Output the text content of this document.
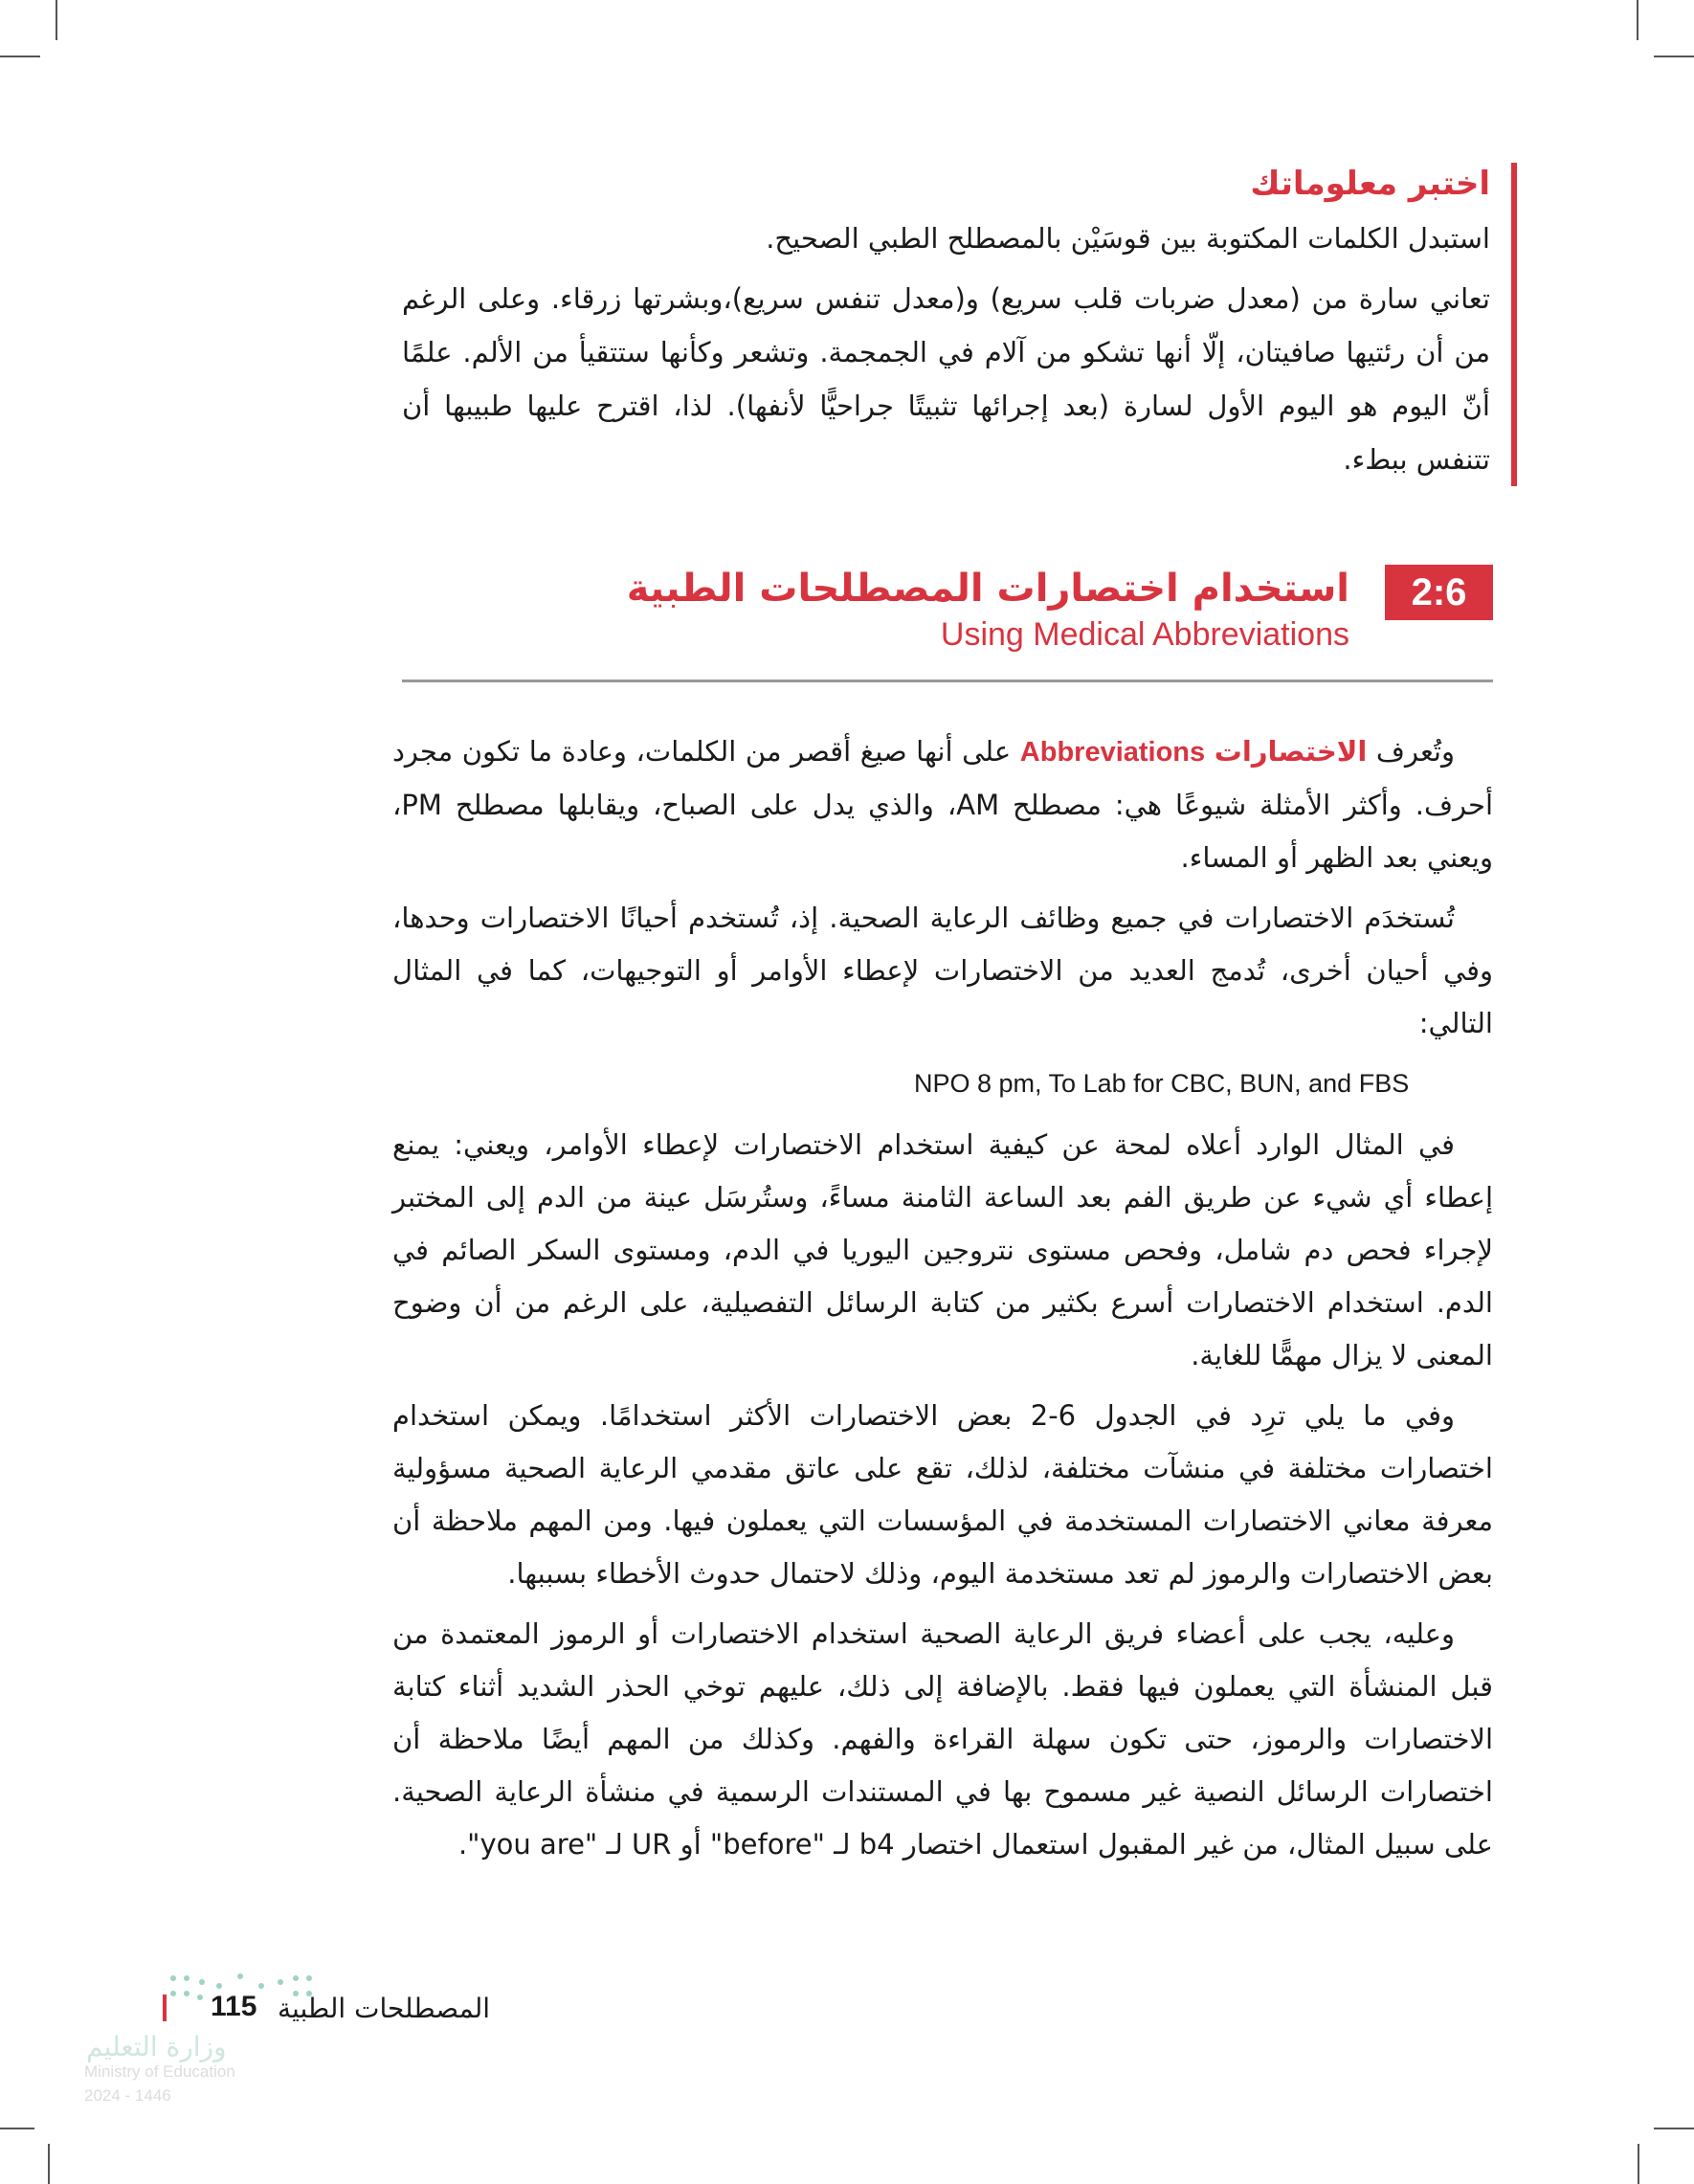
اختبر معلوماتك

استبدل الكلمات المكتوبة بين قوسَيْن بالمصطلح الطبي الصحيح.

تعاني سارة من (معدل ضربات قلب سريع) و(معدل تنفس سريع)،وبشرتها زرقاء. وعلى الرغم من أن رئتيها صافيتان، إلّا أنها تشكو من آلام في الجمجمة. وتشعر وكأنها ستتقيأ من الألم. علمًا أنّ اليوم هو اليوم الأول لسارة (بعد إجرائها تثبيتًا جراحيًّا لأنفها). لذا، اقترح عليها طبيبها أن تتنفس ببطء.

2:6
استخدام اختصارات المصطلحات الطبية
Using Medical Abbreviations

وتُعرف الاختصارات Abbreviations على أنها صيغ أقصر من الكلمات، وعادة ما تكون مجرد أحرف. وأكثر الأمثلة شيوعًا هي: مصطلح AM، والذي يدل على الصباح، ويقابلها مصطلح PM، ويعني بعد الظهر أو المساء.

تُستخدَم الاختصارات في جميع وظائف الرعاية الصحية. إذ، تُستخدم أحيانًا الاختصارات وحدها، وفي أحيان أخرى، تُدمج العديد من الاختصارات لإعطاء الأوامر أو التوجيهات، كما في المثال التالي:

NPO 8 pm, To Lab for CBC, BUN, and FBS

في المثال الوارد أعلاه لمحة عن كيفية استخدام الاختصارات لإعطاء الأوامر، ويعني: يمنع إعطاء أي شيء عن طريق الفم بعد الساعة الثامنة مساءً، وستُرسَل عينة من الدم إلى المختبر لإجراء فحص دم شامل، وفحص مستوى نتروجين اليوريا في الدم، ومستوى السكر الصائم في الدم. استخدام الاختصارات أسرع بكثير من كتابة الرسائل التفصيلية، على الرغم من أن وضوح المعنى لا يزال مهمًّا للغاية.

وفي ما يلي ترِد في الجدول 6-2 بعض الاختصارات الأكثر استخدامًا. ويمكن استخدام اختصارات مختلفة في منشآت مختلفة، لذلك، تقع على عاتق مقدمي الرعاية الصحية مسؤولية معرفة معاني الاختصارات المستخدمة في المؤسسات التي يعملون فيها. ومن المهم ملاحظة أن بعض الاختصارات والرموز لم تعد مستخدمة اليوم، وذلك لاحتمال حدوث الأخطاء بسببها.

وعليه، يجب على أعضاء فريق الرعاية الصحية استخدام الاختصارات أو الرموز المعتمدة من قبل المنشأة التي يعملون فيها فقط. بالإضافة إلى ذلك، عليهم توخي الحذر الشديد أثناء كتابة الاختصارات والرموز، حتى تكون سهلة القراءة والفهم. وكذلك من المهم أيضًا ملاحظة أن اختصارات الرسائل النصية غير مسموح بها في المستندات الرسمية في منشأة الرعاية الصحية. على سبيل المثال، من غير المقبول استعمال اختصار b4 لـ "before" أو UR لـ "you are".

115 المصطلحات الطبية
وزارة التعليم
Ministry of Education
2024 - 1446
